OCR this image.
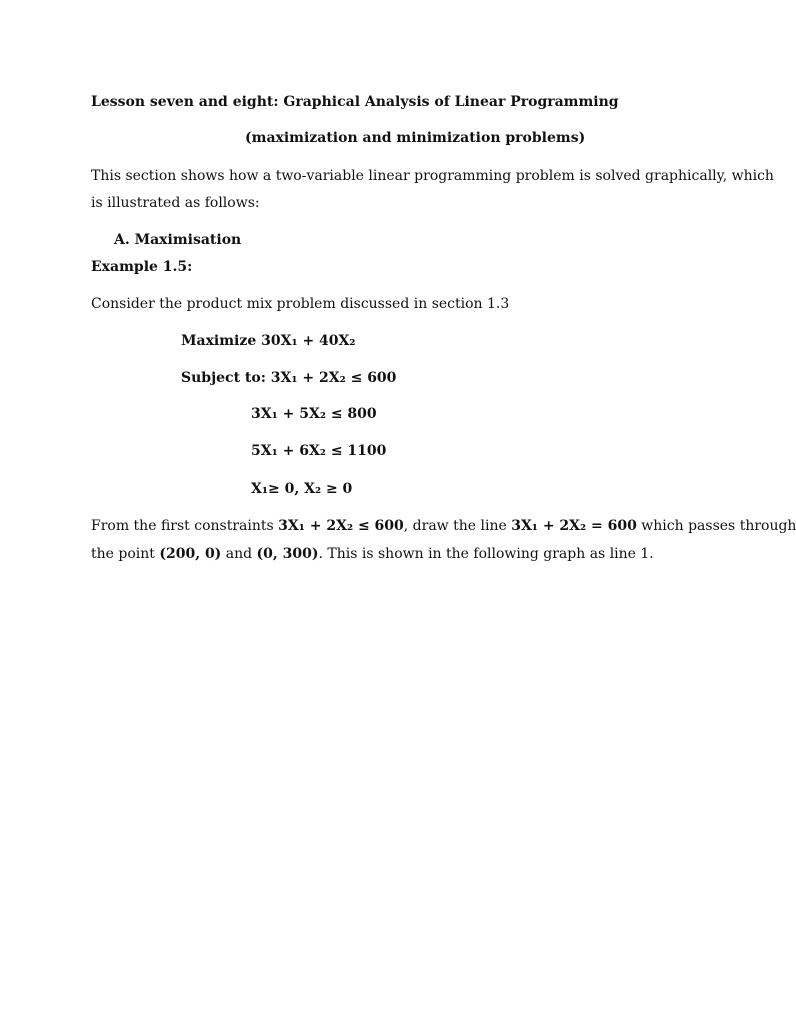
Lesson seven and eight: Graphical Analysis of Linear Programming

(maximization and minimization problems)

This section shows how a two-variable linear programming problem is solved graphically, which

is illustrated as follows:

A. Maximisation

Example 1.5:

Consider the product mix problem discussed in section 1.3

Maximize 30X₁ + 40X₂

Subject to: 3X₁ + 2X₂ ≤ 600

3X₁ + 5X₂ ≤ 800

5X₁ + 6X₂ ≤ 1100

X₁≥ 0, X₂ ≥ 0

From the first constraints 3X₁ + 2X₂ ≤ 600, draw the line 3X₁ + 2X₂ = 600 which passes through

the point (200, 0) and (0, 300). This is shown in the following graph as line 1.
